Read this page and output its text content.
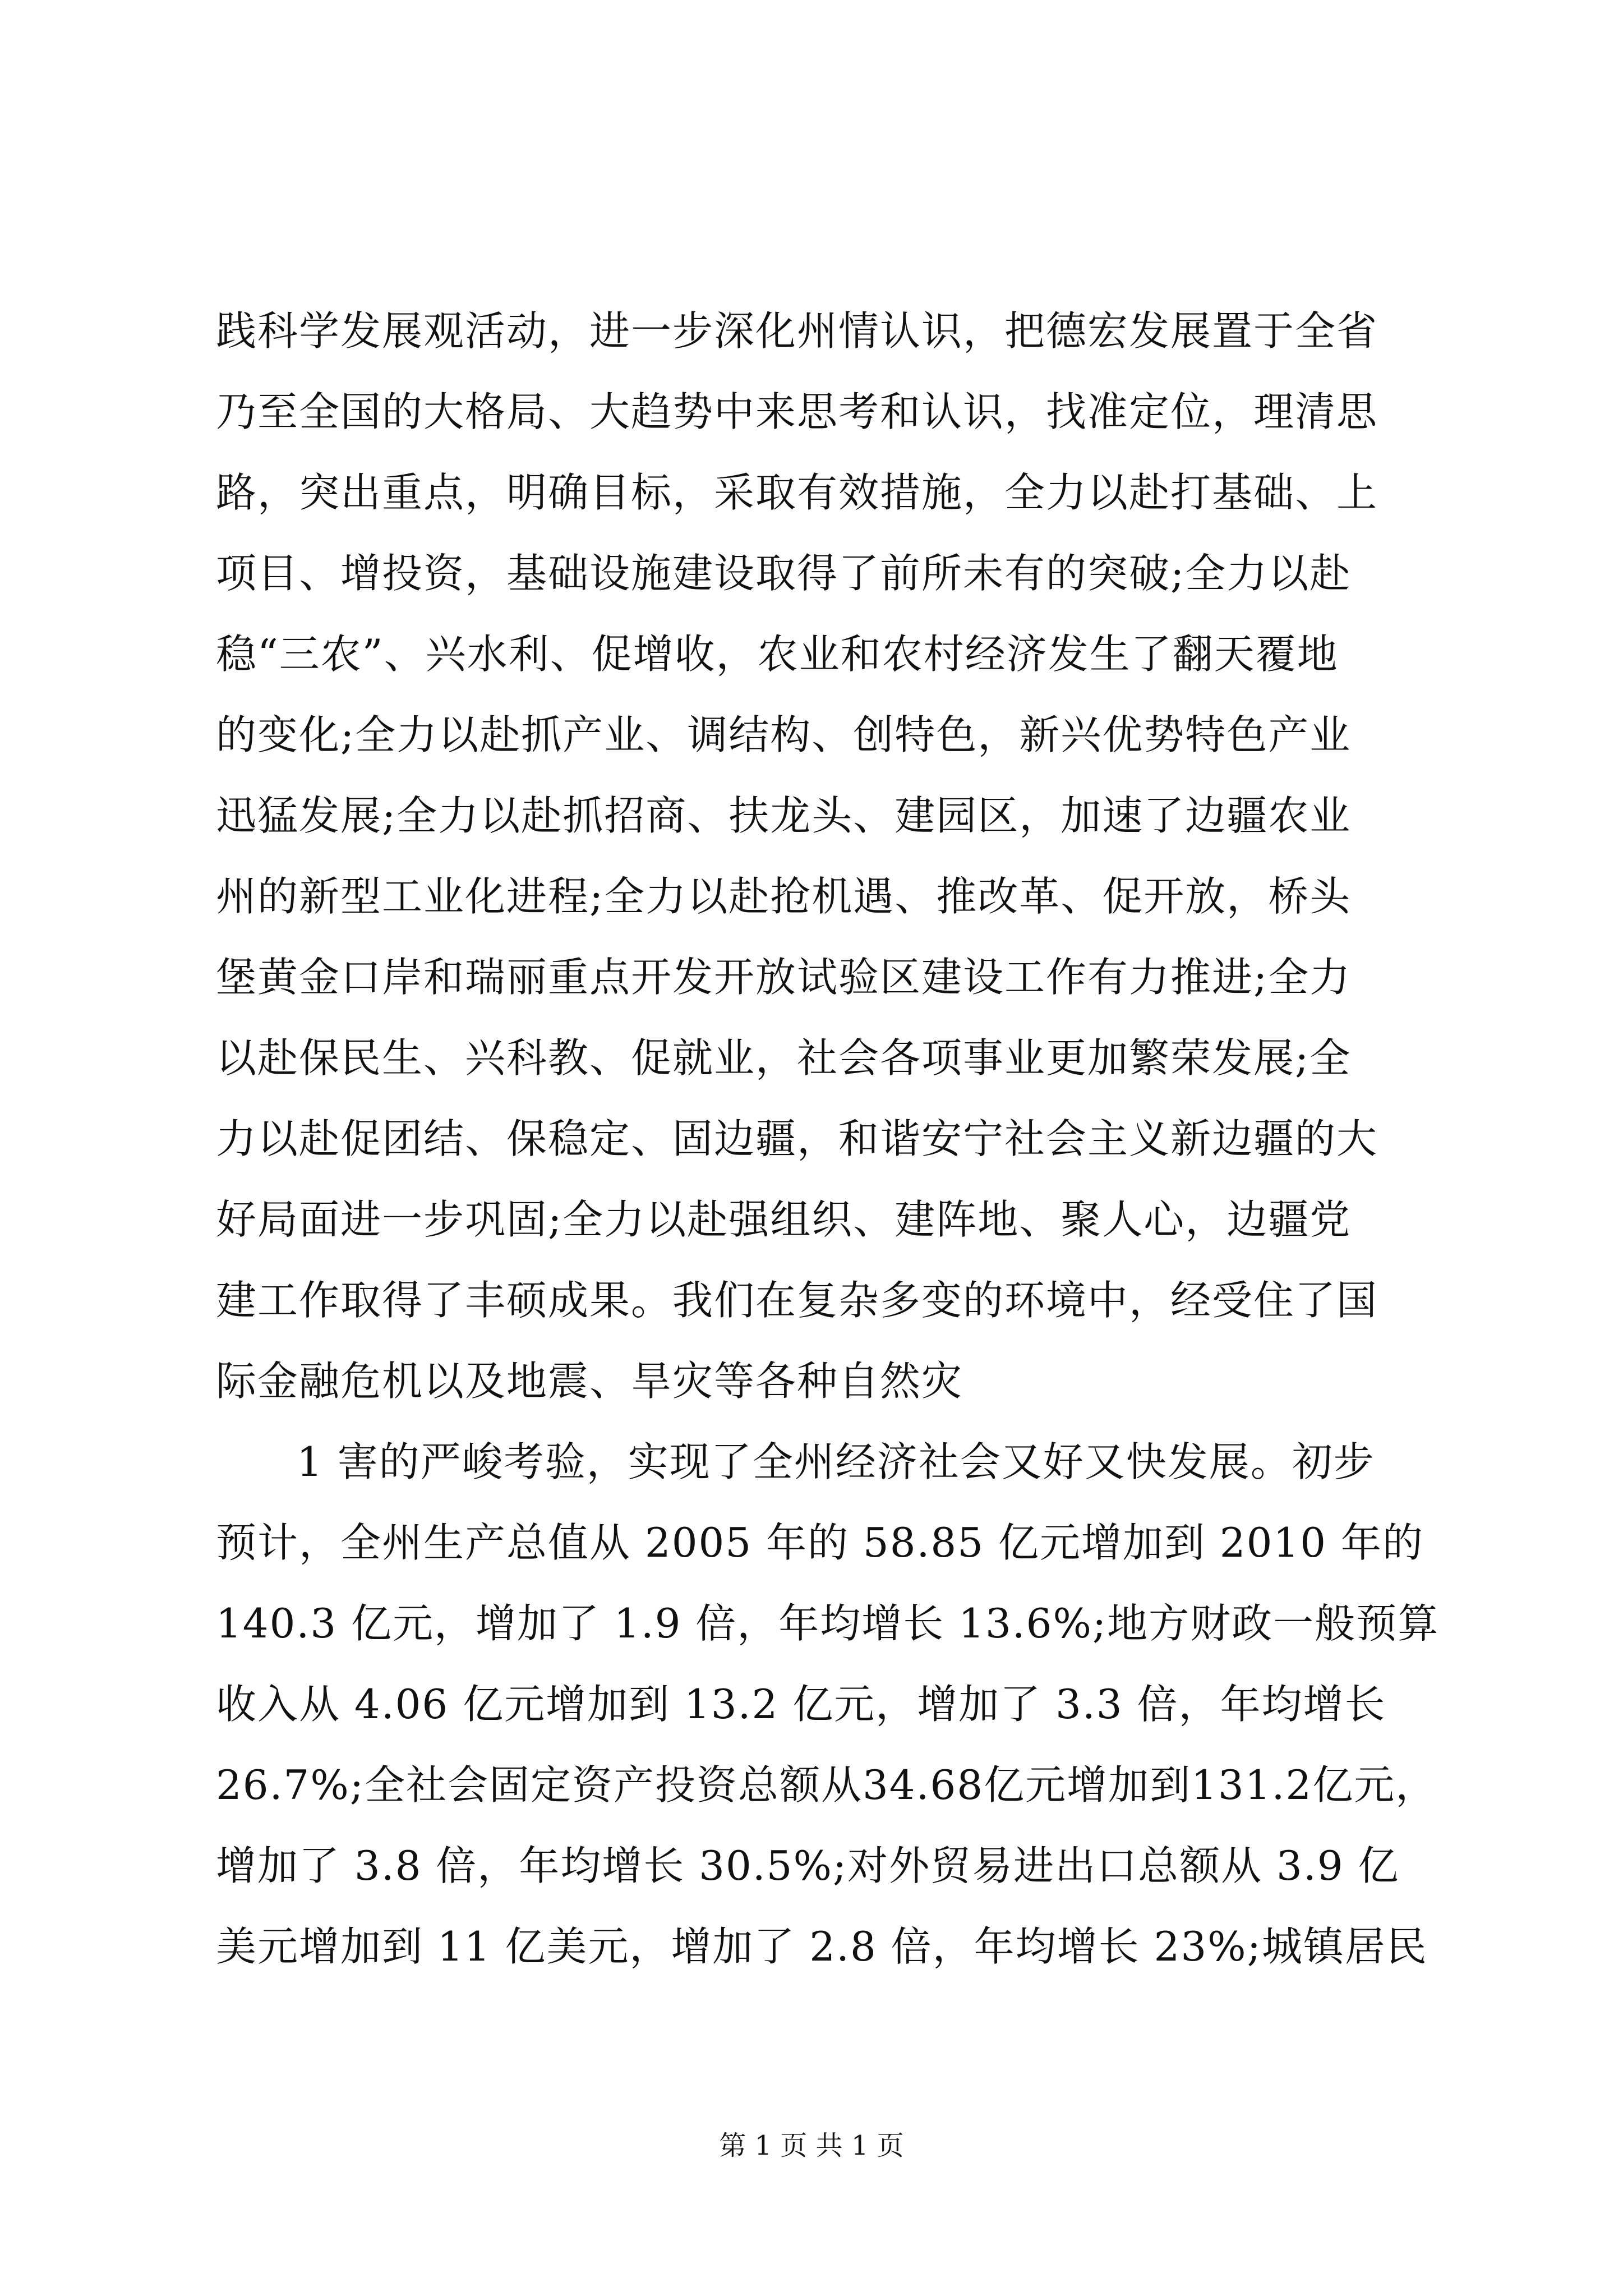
践科学发展观活动，进一步深化州情认识，把德宏发展置于全省
乃至全国的大格局、大趋势中来思考和认识，找准定位，理清思
路，突出重点，明确目标，采取有效措施，全力以赴打基础、上
项目、增投资，基础设施建设取得了前所未有的突破;全力以赴
稳“三农”、兴水利、促增收，农业和农村经济发生了翻天覆地
的变化;全力以赴抓产业、调结构、创特色，新兴优势特色产业
迅猛发展;全力以赴抓招商、扶龙头、建园区，加速了边疆农业
州的新型工业化进程;全力以赴抢机遇、推改革、促开放，桥头
堡黄金口岸和瑞丽重点开发开放试验区建设工作有力推进;全力
以赴保民生、兴科教、促就业，社会各项事业更加繁荣发展;全
力以赴促团结、保稳定、固边疆，和谐安宁社会主义新边疆的大
好局面进一步巩固;全力以赴强组织、建阵地、聚人心，边疆党
建工作取得了丰硕成果。我们在复杂多变的环境中，经受住了国
际金融危机以及地震、旱灾等各种自然灾
1 害的严峻考验，实现了全州经济社会又好又快发展。初步
预计，全州生产总值从 2005 年的 58.85 亿元增加到 2010 年的
140.3 亿元，增加了 1.9 倍，年均增长 13.6%;地方财政一般预算
收入从 4.06 亿元增加到 13.2 亿元，增加了 3.3 倍，年均增长
26.7%;全社会固定资产投资总额从34.68亿元增加到131.2亿元，
增加了 3.8 倍，年均增长 30.5%;对外贸易进出口总额从 3.9 亿
美元增加到 11 亿美元，增加了 2.8 倍，年均增长 23%;城镇居民
第 1 页 共 1 页
